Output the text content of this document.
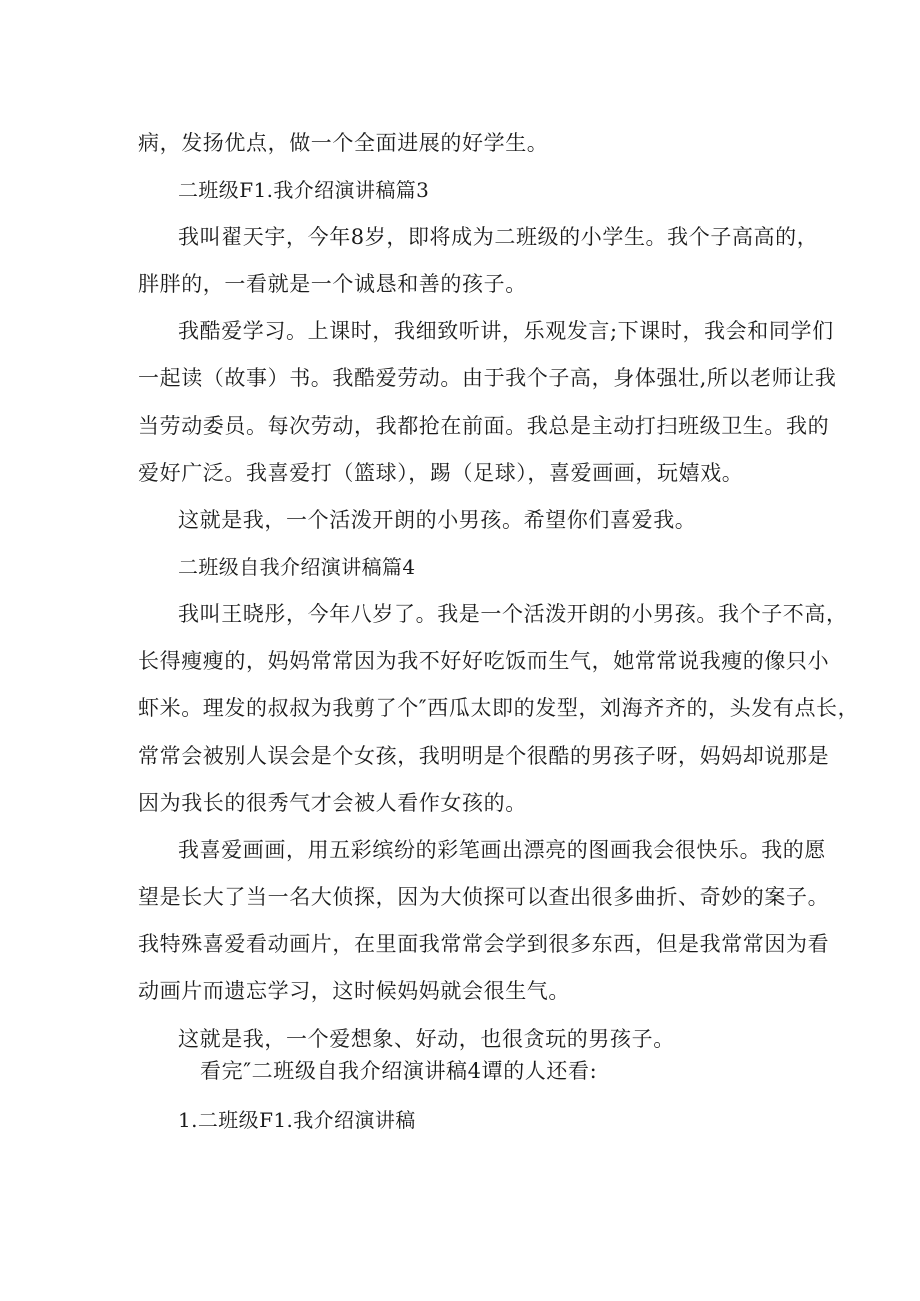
病，发扬优点，做一个全面进展的好学生。
二班级F1.我介绍演讲稿篇3
我叫翟天宇，今年8岁，即将成为二班级的小学生。我个子高高的，
胖胖的，一看就是一个诚恳和善的孩子。
我酷爱学习。上课时，我细致听讲，乐观发言;下课时，我会和同学们
一起读（故事）书。我酷爱劳动。由于我个子高，身体强壮,所以老师让我
当劳动委员。每次劳动，我都抢在前面。我总是主动打扫班级卫生。我的
爱好广泛。我喜爱打（篮球），踢（足球），喜爱画画，玩嬉戏。
这就是我，一个活泼开朗的小男孩。希望你们喜爱我。
二班级自我介绍演讲稿篇4
我叫王晓彤，今年八岁了。我是一个活泼开朗的小男孩。我个子不高，
长得瘦瘦的，妈妈常常因为我不好好吃饭而生气，她常常说我瘦的像只小
虾米。理发的叔叔为我剪了个″西瓜太即的发型，刘海齐齐的，头发有点长，
常常会被别人误会是个女孩，我明明是个很酷的男孩子呀，妈妈却说那是
因为我长的很秀气才会被人看作女孩的。
我喜爱画画，用五彩缤纷的彩笔画出漂亮的图画我会很快乐。我的愿
望是长大了当一名大侦探，因为大侦探可以查出很多曲折、奇妙的案子。
我特殊喜爱看动画片，在里面我常常会学到很多东西，但是我常常因为看
动画片而遗忘学习，这时候妈妈就会很生气。
这就是我，一个爱想象、好动，也很贪玩的男孩子。
看完″二班级自我介绍演讲稿4谭的人还看:
1.二班级F1.我介绍演讲稿
